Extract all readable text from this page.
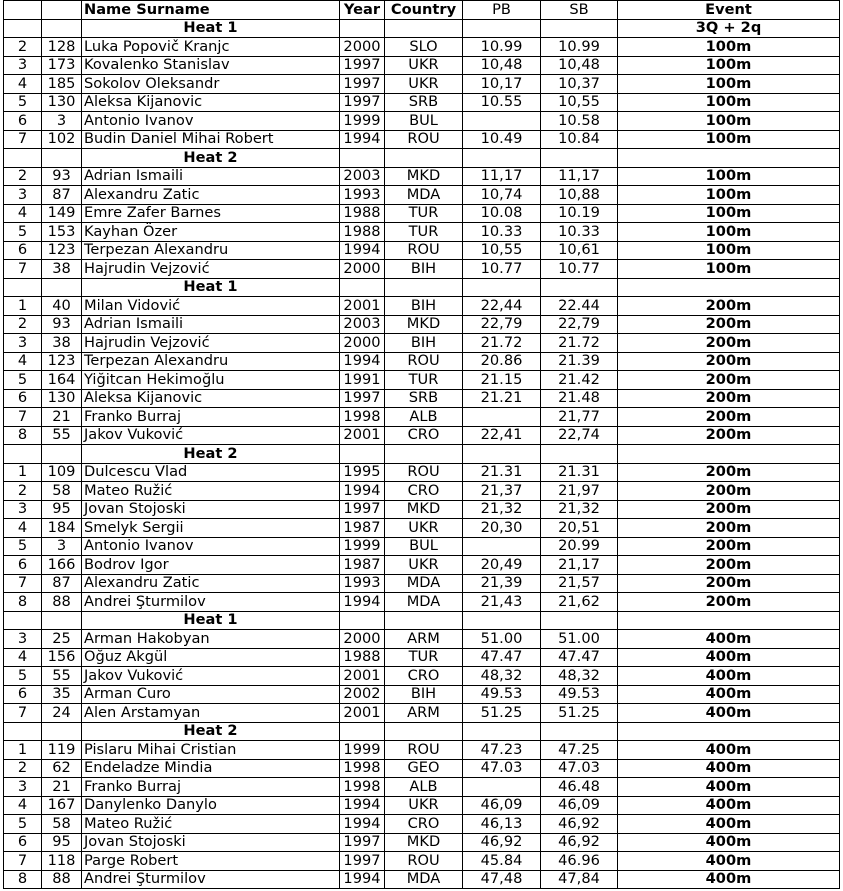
		Name Surname	Year	Country	PB	SB	Event
		Heat 1					3Q + 2q
2	128	Luka Popovič Kranjc	2000	SLO	10.99	10.99	100m
3	173	Kovalenko Stanislav	1997	UKR	10,48	10,48	100m
4	185	Sokolov Oleksandr	1997	UKR	10,17	10,37	100m
5	130	Aleksa Kijanovic	1997	SRB	10.55	10,55	100m
6	3	Antonio Ivanov	1999	BUL		10.58	100m
7	102	Budin Daniel Mihai Robert	1994	ROU	10.49	10.84	100m
		Heat 2					
2	93	Adrian Ismaili	2003	MKD	11,17	11,17	100m
3	87	Alexandru Zatic	1993	MDA	10,74	10,88	100m
4	149	Emre Zafer Barnes	1988	TUR	10.08	10.19	100m
5	153	Kayhan Özer	1988	TUR	10.33	10.33	100m
6	123	Terpezan Alexandru	1994	ROU	10,55	10,61	100m
7	38	Hajrudin Vejzović	2000	BIH	10.77	10.77	100m
		Heat 1					
1	40	Milan Vidović	2001	BIH	22,44	22.44	200m
2	93	Adrian Ismaili	2003	MKD	22,79	22,79	200m
3	38	Hajrudin Vejzović	2000	BIH	21.72	21.72	200m
4	123	Terpezan Alexandru	1994	ROU	20.86	21.39	200m
5	164	Yiğitcan Hekimoğlu	1991	TUR	21.15	21.42	200m
6	130	Aleksa Kijanovic	1997	SRB	21.21	21.48	200m
7	21	Franko Burraj	1998	ALB		21,77	200m
8	55	Jakov Vuković	2001	CRO	22,41	22,74	200m
		Heat 2					
1	109	Dulcescu Vlad	1995	ROU	21.31	21.31	200m
2	58	Mateo Ružić	1994	CRO	21,37	21,97	200m
3	95	Jovan Stojoski	1997	MKD	21,32	21,32	200m
4	184	Smelyk Sergii	1987	UKR	20,30	20,51	200m
5	3	Antonio Ivanov	1999	BUL		20.99	200m
6	166	Bodrov Igor	1987	UKR	20,49	21,17	200m
7	87	Alexandru Zatic	1993	MDA	21,39	21,57	200m
8	88	Andrei Şturmilov	1994	MDA	21,43	21,62	200m
		Heat 1					
3	25	Arman Hakobyan	2000	ARM	51.00	51.00	400m
4	156	Oğuz Akgül	1988	TUR	47.47	47.47	400m
5	55	Jakov Vuković	2001	CRO	48,32	48,32	400m
6	35	Arman Curo	2002	BIH	49.53	49.53	400m
7	24	Alen Arstamyan	2001	ARM	51.25	51.25	400m
		Heat 2					
1	119	Pislaru Mihai Cristian	1999	ROU	47.23	47.25	400m
2	62	Endeladze Mindia	1998	GEO	47.03	47.03	400m
3	21	Franko Burraj	1998	ALB		46.48	400m
4	167	Danylenko Danylo	1994	UKR	46,09	46,09	400m
5	58	Mateo Ružić	1994	CRO	46,13	46,92	400m
6	95	Jovan Stojoski	1997	MKD	46,92	46,92	400m
7	118	Parge Robert	1997	ROU	45.84	46.96	400m
8	88	Andrei Şturmilov	1994	MDA	47,48	47,84	400m
